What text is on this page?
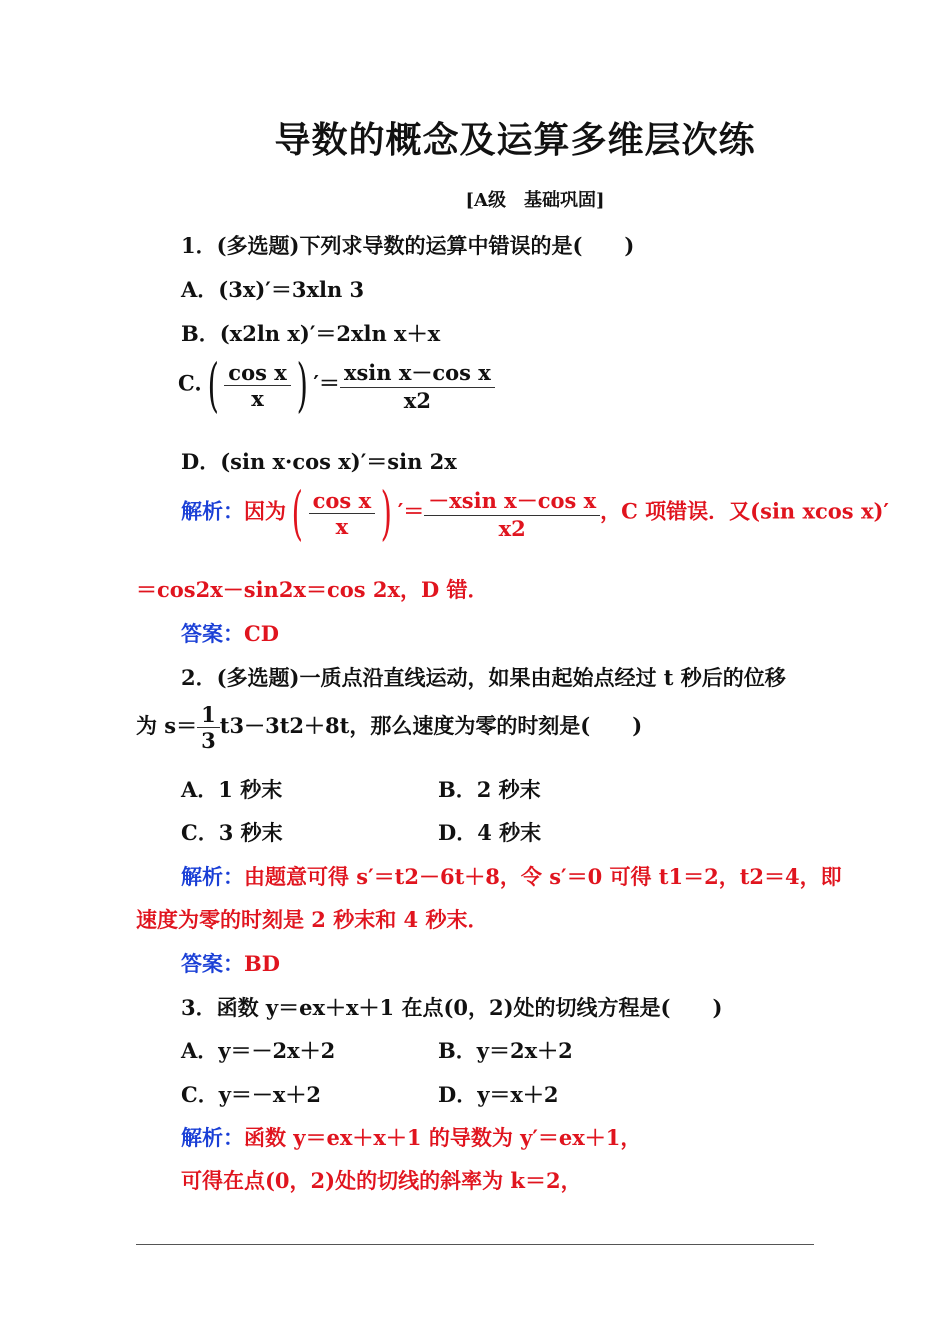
导数的概念及运算多维层次练
[A级　基础巩固]
1．(多选题)下列求导数的运算中错误的是(　　)
A．(3x)′＝3xln 3
B．(x2ln x)′＝2xln x＋x
$C.( \frac{\text{cos x}}{x}$ ) ′＝ $\frac{\text{xsin x－cos x}}{x2}$
D．(sin x·cos x)′＝sin 2x
解析：因为( $\frac{\text{cos x}}{x}$ ) ′＝ $\frac{\text{－xsin x－cos x}}{x2}$ ，C 项错误．又(sin xcos x)′
＝cos2x－sin2x＝cos 2x，D 错．
答案：CD
2．(多选题)一质点沿直线运动，如果由起始点经过 t 秒后的位移
为 $s= \frac{1}{3} t3-3t2+8t$，那么速度为零的时刻是(　　)
A．1 秒末	B．2 秒末
C．3 秒末	D．4 秒末
解析：由题意可得 s′＝t2－6t＋8，令 s′＝0 可得 t1＝2，t2＝4，即
速度为零的时刻是 2 秒末和 4 秒末．
答案：BD
3．函数 y＝ex＋x＋1 在点(0，2)处的切线方程是(　　)
A．y＝－2x＋2	B．y＝2x＋2
C．y＝－x＋2	D．y＝x＋2
解析：函数 y＝ex＋x＋1 的导数为 y′＝ex＋1，
可得在点(0，2)处的切线的斜率为 k＝2，
